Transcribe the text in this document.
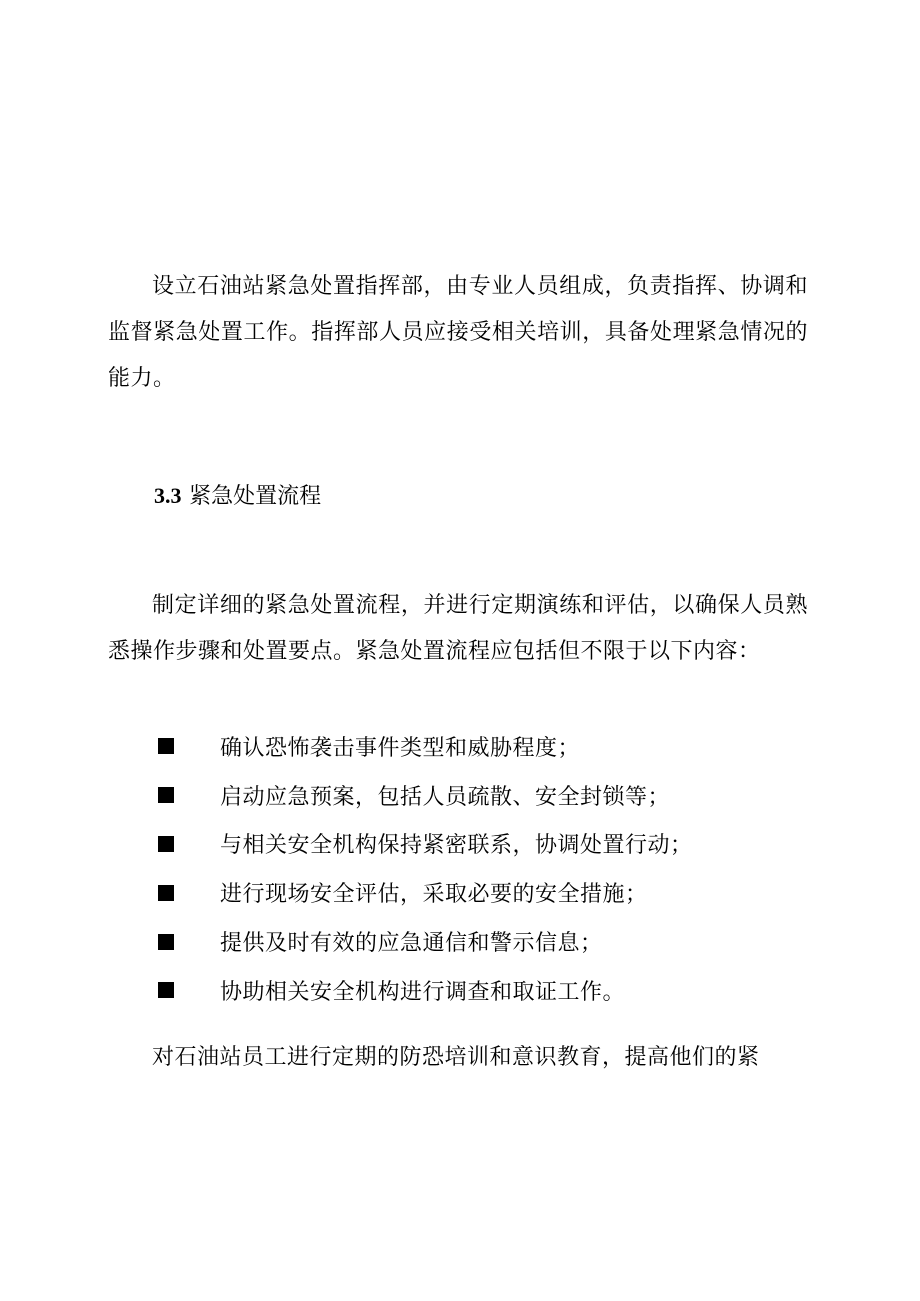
设立石油站紧急处置指挥部，由专业人员组成，负责指挥、协调和监督紧急处置工作。指挥部人员应接受相关培训，具备处理紧急情况的能力。

3.3 紧急处置流程

制定详细的紧急处置流程，并进行定期演练和评估，以确保人员熟悉操作步骤和处置要点。紧急处置流程应包括但不限于以下内容：

确认恐怖袭击事件类型和威胁程度；
启动应急预案，包括人员疏散、安全封锁等；
与相关安全机构保持紧密联系，协调处置行动；
进行现场安全评估，采取必要的安全措施；
提供及时有效的应急通信和警示信息；
协助相关安全机构进行调查和取证工作。

对石油站员工进行定期的防恐培训和意识教育，提高他们的紧
